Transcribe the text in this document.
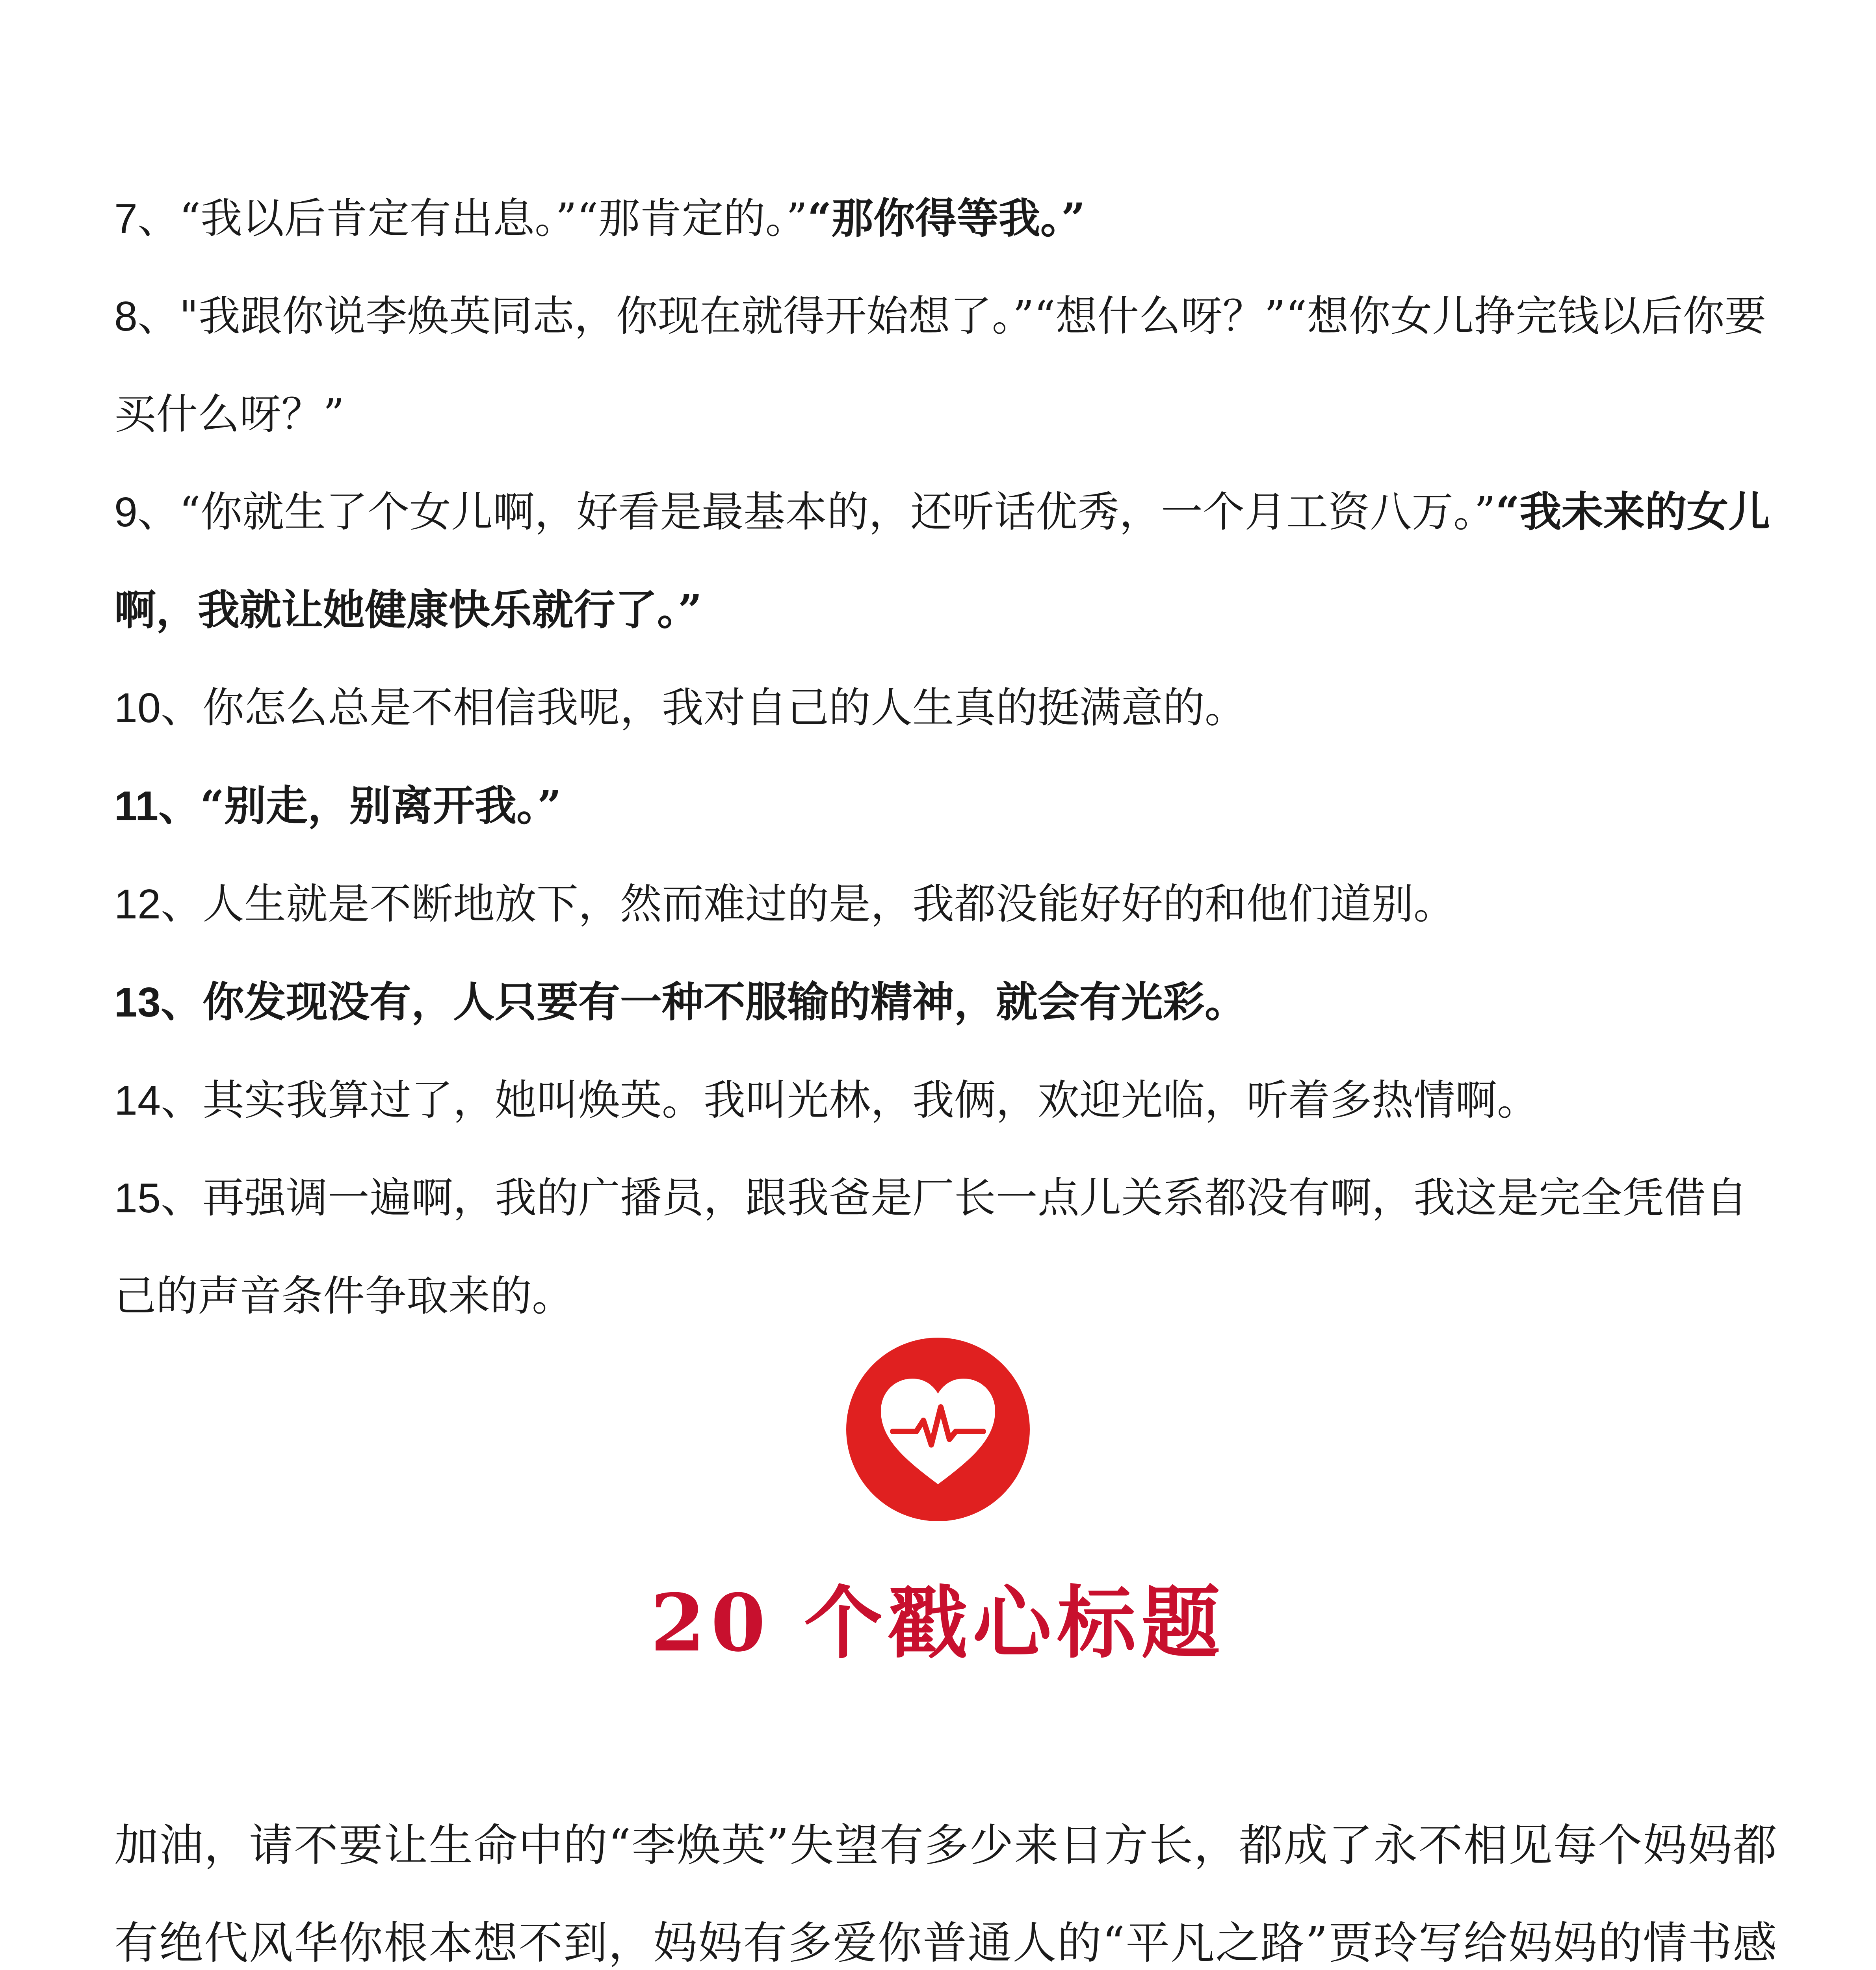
7、“我以后肯定有出息。”“那肯定的。”“那你得等我。”

8、"我跟你说李焕英同志，你现在就得开始想了。”“想什么呀？”“想你女儿挣完钱以后你要买什么呀？”

9、“你就生了个女儿啊，好看是最基本的，还听话优秀，一个月工资八万。”“我未来的女儿啊，我就让她健康快乐就行了。”

10、你怎么总是不相信我呢，我对自己的人生真的挺满意的。

11、“别走，别离开我。”

12、人生就是不断地放下，然而难过的是，我都没能好好的和他们道别。

13、你发现没有，人只要有一种不服输的精神，就会有光彩。

14、其实我算过了，她叫焕英。我叫光林，我俩，欢迎光临，听着多热情啊。

15、再强调一遍啊，我的广播员，跟我爸是厂长一点儿关系都没有啊，我这是完全凭借自己的声音条件争取来的。

20 个戳心标题

加油，请不要让生命中的“李焕英”失望有多少来日方长，都成了永不相见每个妈妈都有绝代风华你根本想不到，妈妈有多爱你普通人的“平凡之路”贾玲写给妈妈的情书感
